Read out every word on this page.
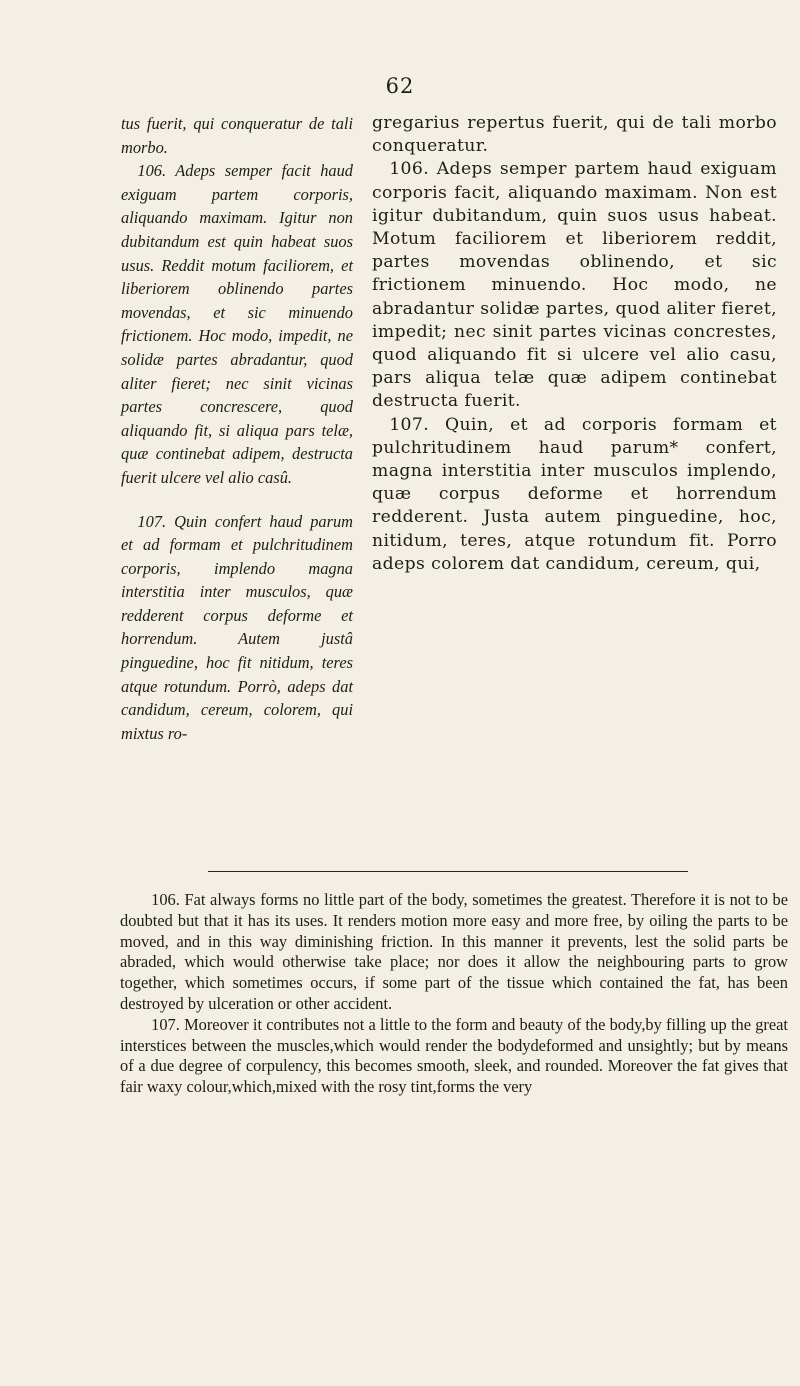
62

tus fuerit, qui conqueratur de tali morbo.

106. Adeps semper facit haud exiguam partem corporis, aliquando maximam. Igitur non dubitandum est quin habeat suos usus. Reddit motum faciliorem, et liberiorem oblinendo partes movendas, et sic minuendo frictionem. Hoc modo, impedit, ne solidæ partes abradantur, quod aliter fieret; nec sinit vicinas partes concrescere, quod aliquando fit, si aliqua pars telæ, quæ continebat adipem, destructa fuerit ulcere vel alio casû.

107. Quin confert haud parum et ad formam et pulchritudinem corporis, implendo magna interstitia inter musculos, quæ redderent corpus deforme et horrendum. Autem justâ pinguedine, hoc fit nitidum, teres atque rotundum. Porrò, adeps dat candidum, cereum, colorem, qui mixtus ro-

gregarius repertus fuerit, qui de tali morbo conqueratur.

106. Adeps semper partem haud exiguam corporis facit, aliquando maximam. Non est igitur dubitandum, quin suos usus habeat. Motum faciliorem et liberiorem reddit, partes movendas oblinendo, et sic frictionem minuendo. Hoc modo, ne abradantur solidæ partes, quod aliter fieret, impedit; nec sinit partes vicinas concrestes, quod aliquando fit si ulcere vel alio casu, pars aliqua telæ quæ adipem continebat destructa fuerit.

107. Quin, et ad corporis formam et pulchritudinem haud parum* confert, magna interstitia inter musculos implendo, quæ corpus deforme et horrendum redderent. Justa autem pinguedine, hoc, nitidum, teres, atque rotundum fit. Porro adeps colorem dat candidum, cereum, qui,

106. Fat always forms no little part of the body, sometimes the greatest. Therefore it is not to be doubted but that it has its uses. It renders motion more easy and more free, by oiling the parts to be moved, and in this way diminishing friction. In this manner it prevents, lest the solid parts be abraded, which would otherwise take place; nor does it allow the neighbouring parts to grow together, which sometimes occurs, if some part of the tissue which contained the fat, has been destroyed by ulceration or other accident.

107. Moreover it contributes not a little to the form and beauty of the body,by filling up the great interstices between the muscles,which would render the bodydeformed and unsightly; but by means of a due degree of corpulency, this becomes smooth, sleek, and rounded. Moreover the fat gives that fair waxy colour,which,mixed with the rosy tint,forms the very
